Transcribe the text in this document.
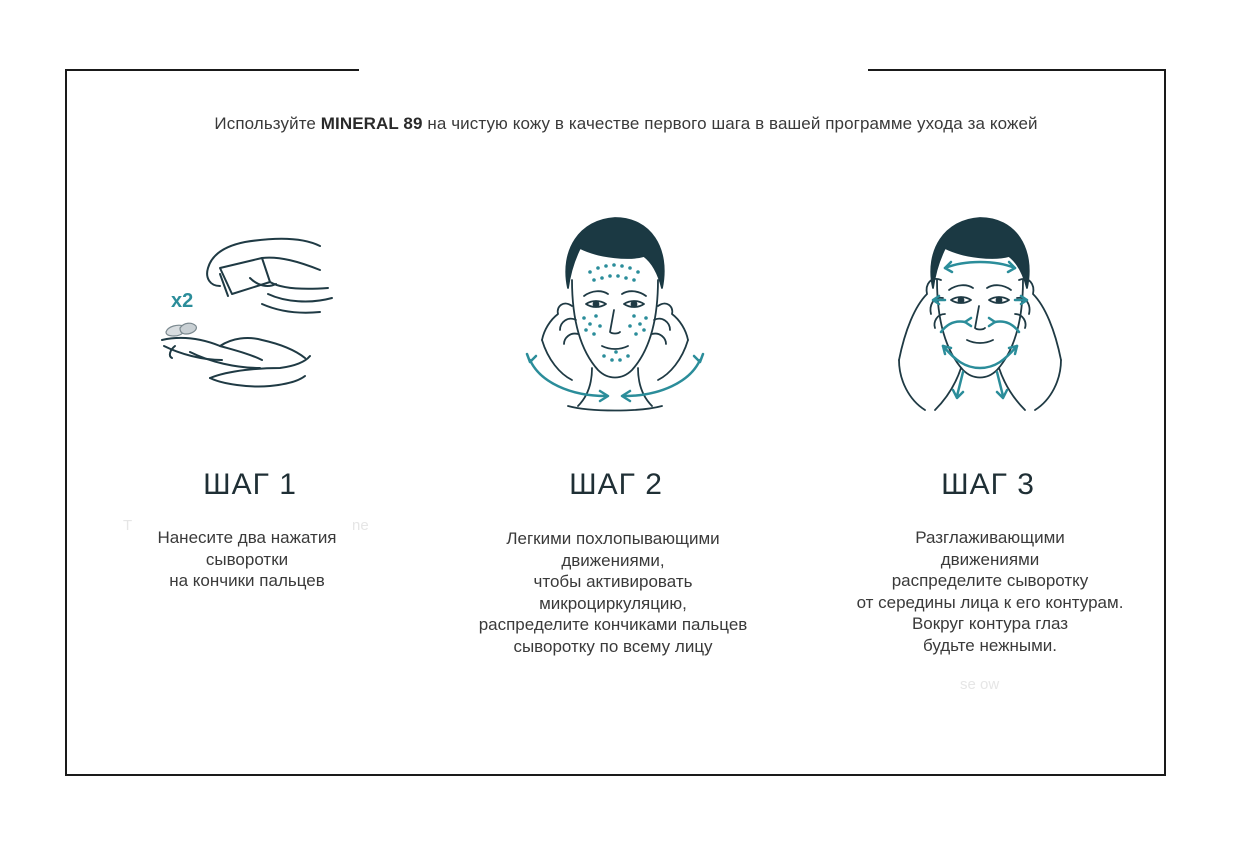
Используйте MINERAL 89 на чистую кожу в качестве первого шага в вашей программе ухода за кожей
T	ne
se ow
x2
ШАГ 1	ШАГ 2	ШАГ 3
Нанесите два нажатия
сыворотки
на кончики пальцев
Легкими похлопывающими
движениями,
чтобы активировать
микроциркуляцию,
распределите кончиками пальцев
сыворотку по всему лицу
Разглаживающими
движениями
распределите сыворотку
от середины лица к его контурам.
Вокруг контура глаз
будьте нежными.
